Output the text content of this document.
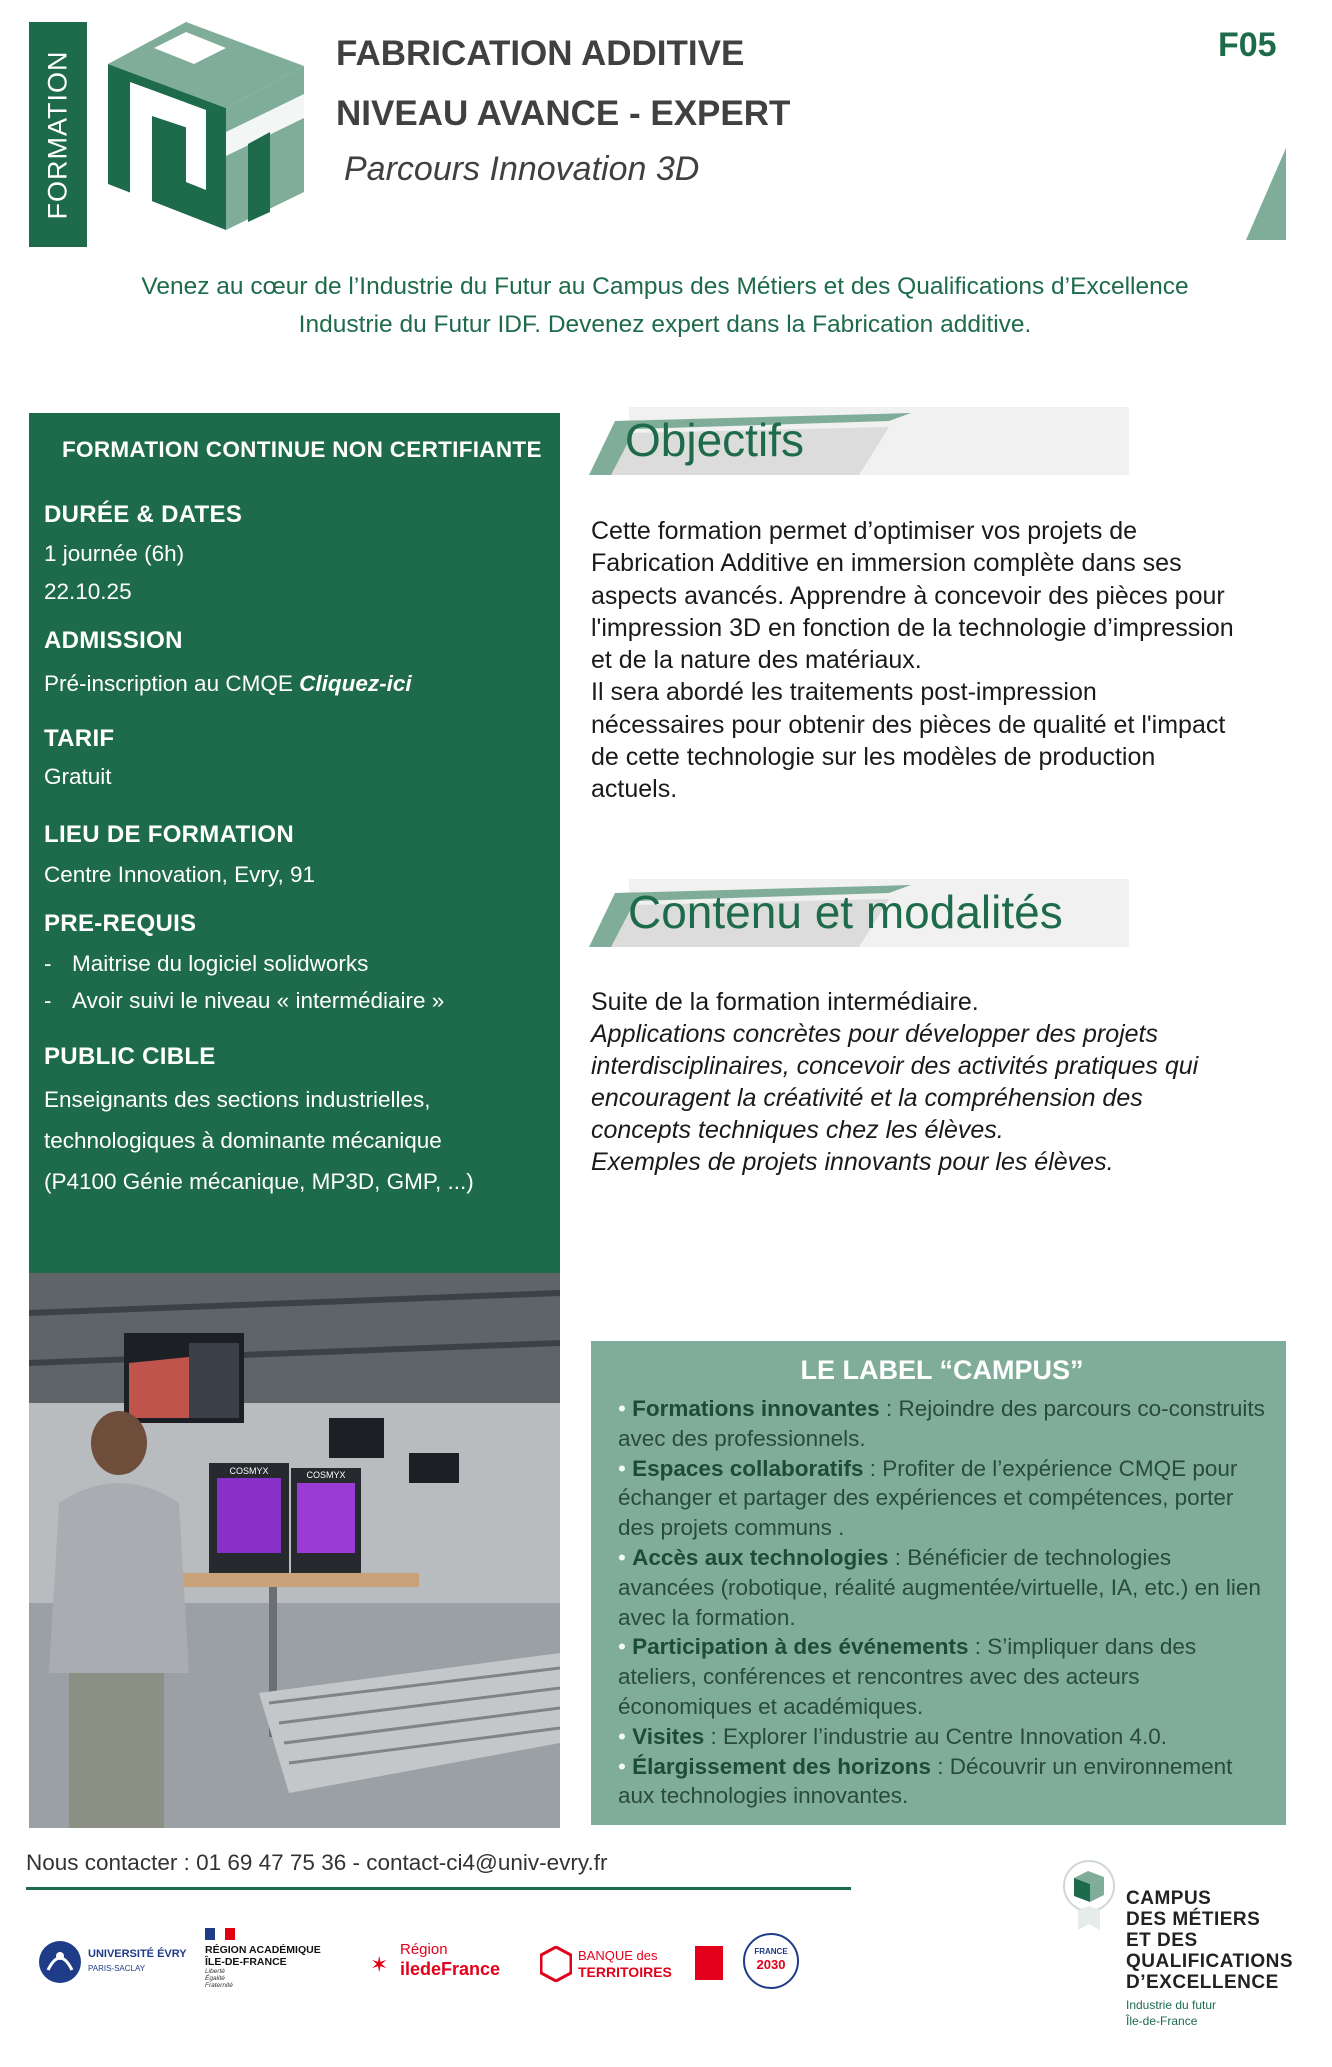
FORMATION	FABRICATION ADDITIVE
NIVEAU AVANCE - EXPERT
Parcours Innovation 3D
F05
Venez au cœur de l’Industrie du Futur au Campus des Métiers et des Qualifications d’Excellence
Industrie du Futur IDF. Devenez expert dans la Fabrication additive.
FORMATION CONTINUE NON CERTIFIANTE
DURÉE & DATES
1 journée (6h)
22.10.25
ADMISSION
Pré-inscription au CMQE Cliquez-ici
TARIF
Gratuit
LIEU DE FORMATION
Centre Innovation, Evry, 91
PRE-REQUIS
- Maitrise du logiciel solidworks
- Avoir suivi le niveau « intermédiaire »
PUBLIC CIBLE
Enseignants des sections industrielles,
technologiques à dominante mécanique
(P4100 Génie mécanique, MP3D, GMP, ...)
COSMYX	COSMYX
Objectifs
Cette formation permet d’optimiser vos projets de
Fabrication Additive en immersion complète dans ses
aspects avancés. Apprendre à concevoir des pièces pour
l'impression 3D en fonction de la technologie d’impression
et de la nature des matériaux.
Il sera abordé les traitements post-impression
nécessaires pour obtenir des pièces de qualité et l'impact
de cette technologie sur les modèles de production
actuels.
Contenu et modalités
Suite de la formation intermédiaire.
Applications concrètes pour développer des projets
interdisciplinaires, concevoir des activités pratiques qui
encouragent la créativité et la compréhension des
concepts techniques chez les élèves.
Exemples de projets innovants pour les élèves.
LE LABEL “CAMPUS”
• Formations innovantes : Rejoindre des parcours co-construits avec des professionnels.
• Espaces collaboratifs : Profiter de l’expérience CMQE pour échanger et partager des expériences et compétences, porter des projets communs .
• Accès aux technologies : Bénéficier de technologies avancées (robotique, réalité augmentée/virtuelle, IA, etc.) en lien avec la formation.
• Participation à des événements : S’impliquer dans des ateliers, conférences et rencontres avec des acteurs économiques et académiques.
• Visites : Explorer l’industrie au Centre Innovation 4.0.
• Élargissement des horizons : Découvrir un environnement aux technologies innovantes.
Nous contacter : 01 69 47 75 36 - contact-ci4@univ-evry.fr
UNIVERSITÉ ÉVRY
PARIS-SACLAY
RÉGION ACADÉMIQUE
ÎLE-DE-FRANCE
Liberté
Égalité
Fraternité
✶
Région
iledeFrance
BANQUE des
TERRITOIRES
FRANCE
2030
CAMPUS
DES MÉTIERS
ET DES
QUALIFICATIONS
D’EXCELLENCE
Industrie du futur
Île-de-France
